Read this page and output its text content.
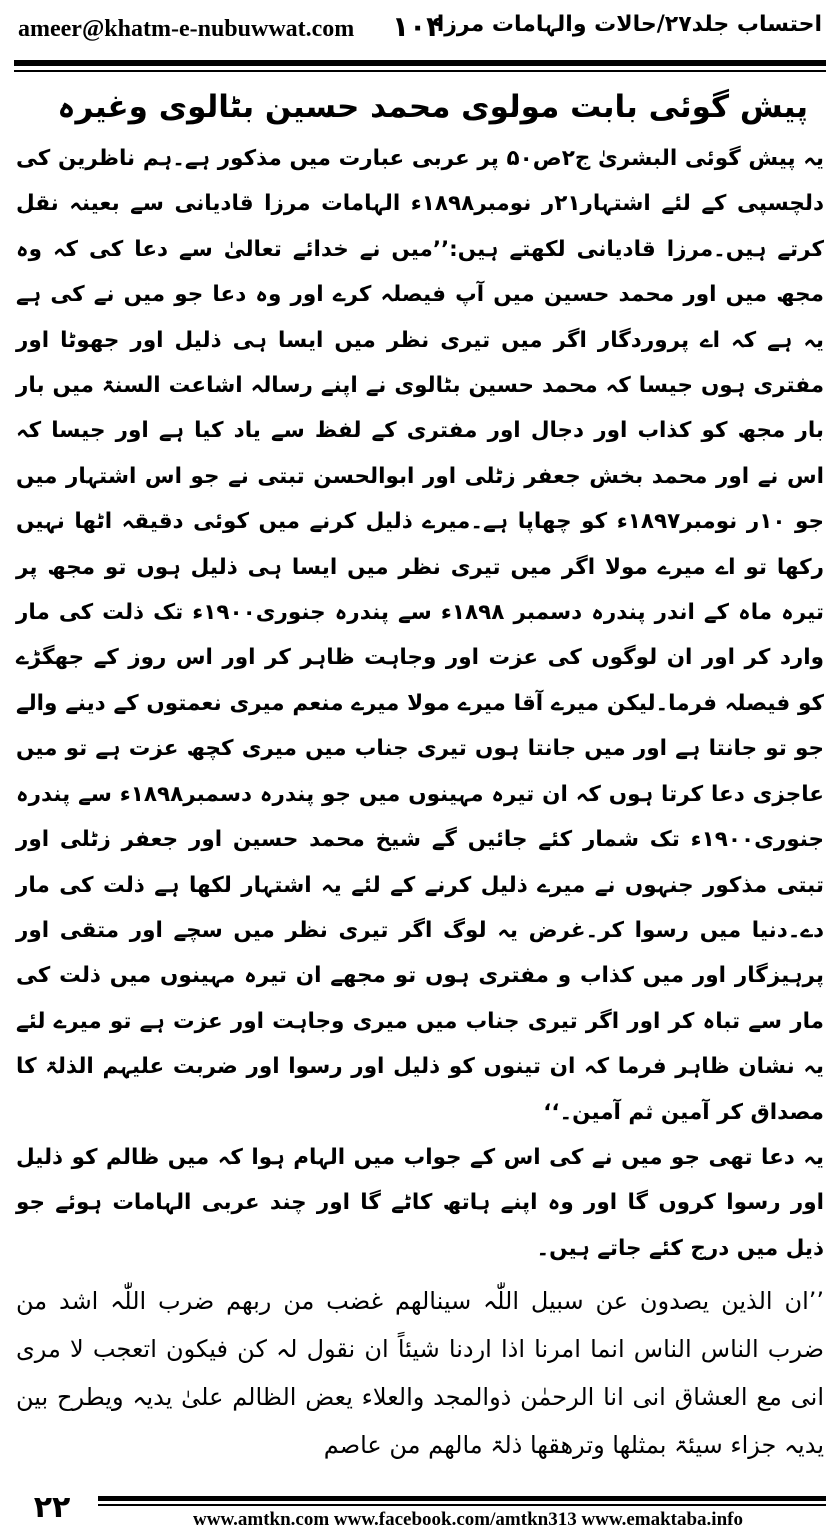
ameer@khatm-e-nubuwwat.com ۱۰۴
احتساب جلد۲۷/حالات والہامات مرزا

پیش گوئی بابت مولوی محمد حسین بٹالوی وغیرہ

یہ پیش گوئی البشریٰ ج۲ص۵۰ پر عربی عبارت میں مذکور ہے۔ہم ناظرین کی دلچسپی کے لئے اشتہار۲۱ر نومبر۱۸۹۸ء الہامات مرزا قادیانی سے بعینہ نقل کرتے ہیں۔مرزا قادیانی لکھتے ہیں:’’میں نے خدائے تعالیٰ سے دعا کی کہ وہ مجھ میں اور محمد حسین میں آپ فیصلہ کرے اور وہ دعا جو میں نے کی ہے یہ ہے کہ اے پروردگار اگر میں تیری نظر میں ایسا ہی ذلیل اور جھوٹا اور مفتری ہوں جیسا کہ محمد حسین بٹالوی نے اپنے رسالہ اشاعت السنۃ میں بار بار مجھ کو کذاب اور دجال اور مفتری کے لفظ سے یاد کیا ہے اور جیسا کہ اس نے اور محمد بخش جعفر زٹلی اور ابوالحسن تبتی نے جو اس اشتہار میں جو ۱۰ر نومبر۱۸۹۷ء کو چھاپا ہے۔میرے ذلیل کرنے میں کوئی دقیقہ اٹھا نہیں رکھا تو اے میرے مولا اگر میں تیری نظر میں ایسا ہی ذلیل ہوں تو مجھ پر تیرہ ماہ کے اندر پندرہ دسمبر ۱۸۹۸ء سے پندرہ جنوری۱۹۰۰ء تک ذلت کی مار وارد کر اور ان لوگوں کی عزت اور وجاہت ظاہر کر اور اس روز کے جھگڑے کو فیصلہ فرما۔لیکن میرے آقا میرے مولا میرے منعم میری نعمتوں کے دینے والے جو تو جانتا ہے اور میں جانتا ہوں تیری جناب میں میری کچھ عزت ہے تو میں عاجزی دعا کرتا ہوں کہ ان تیرہ مہینوں میں جو پندرہ دسمبر۱۸۹۸ء سے پندرہ جنوری۱۹۰۰ء تک شمار کئے جائیں گے شیخ محمد حسین اور جعفر زٹلی اور تبتی مذکور جنہوں نے میرے ذلیل کرنے کے لئے یہ اشتہار لکھا ہے ذلت کی مار دے۔دنیا میں رسوا کر۔غرض یہ لوگ اگر تیری نظر میں سچے اور متقی اور پرہیزگار اور میں کذاب و مفتری ہوں تو مجھے ان تیرہ مہینوں میں ذلت کی مار سے تباہ کر اور اگر تیری جناب میں میری وجاہت اور عزت ہے تو میرے لئے یہ نشان ظاہر فرما کہ ان تینوں کو ذلیل اور رسوا اور ضربت علیہم الذلۃ کا مصداق کر آمین ثم آمین۔‘‘

یہ دعا تھی جو میں نے کی اس کے جواب میں الہام ہوا کہ میں ظالم کو ذلیل اور رسوا کروں گا اور وہ اپنے ہاتھ کاٹے گا اور چند عربی الہامات ہوئے جو ذیل میں درج کئے جاتے ہیں۔

’’ان الذین یصدون عن سبیل اللّٰہ سینالھم غضب من ربھم ضرب اللّٰہ اشد من ضرب الناس الناس انما امرنا اذا اردنا شیئاً ان نقول لہ کن فیکون اتعجب لا مری انی مع العشاق انی انا الرحمٰن ذوالمجد والعلاء یعض الظالم علیٰ یدیہ ویطرح بین یدیہ جزاء سیئۃ بمثلھا وترھقھا ذلۃ مالھم من عاصم

۲۲	www.amtkn.com www.facebook.com/amtkn313 www.emaktaba.info
